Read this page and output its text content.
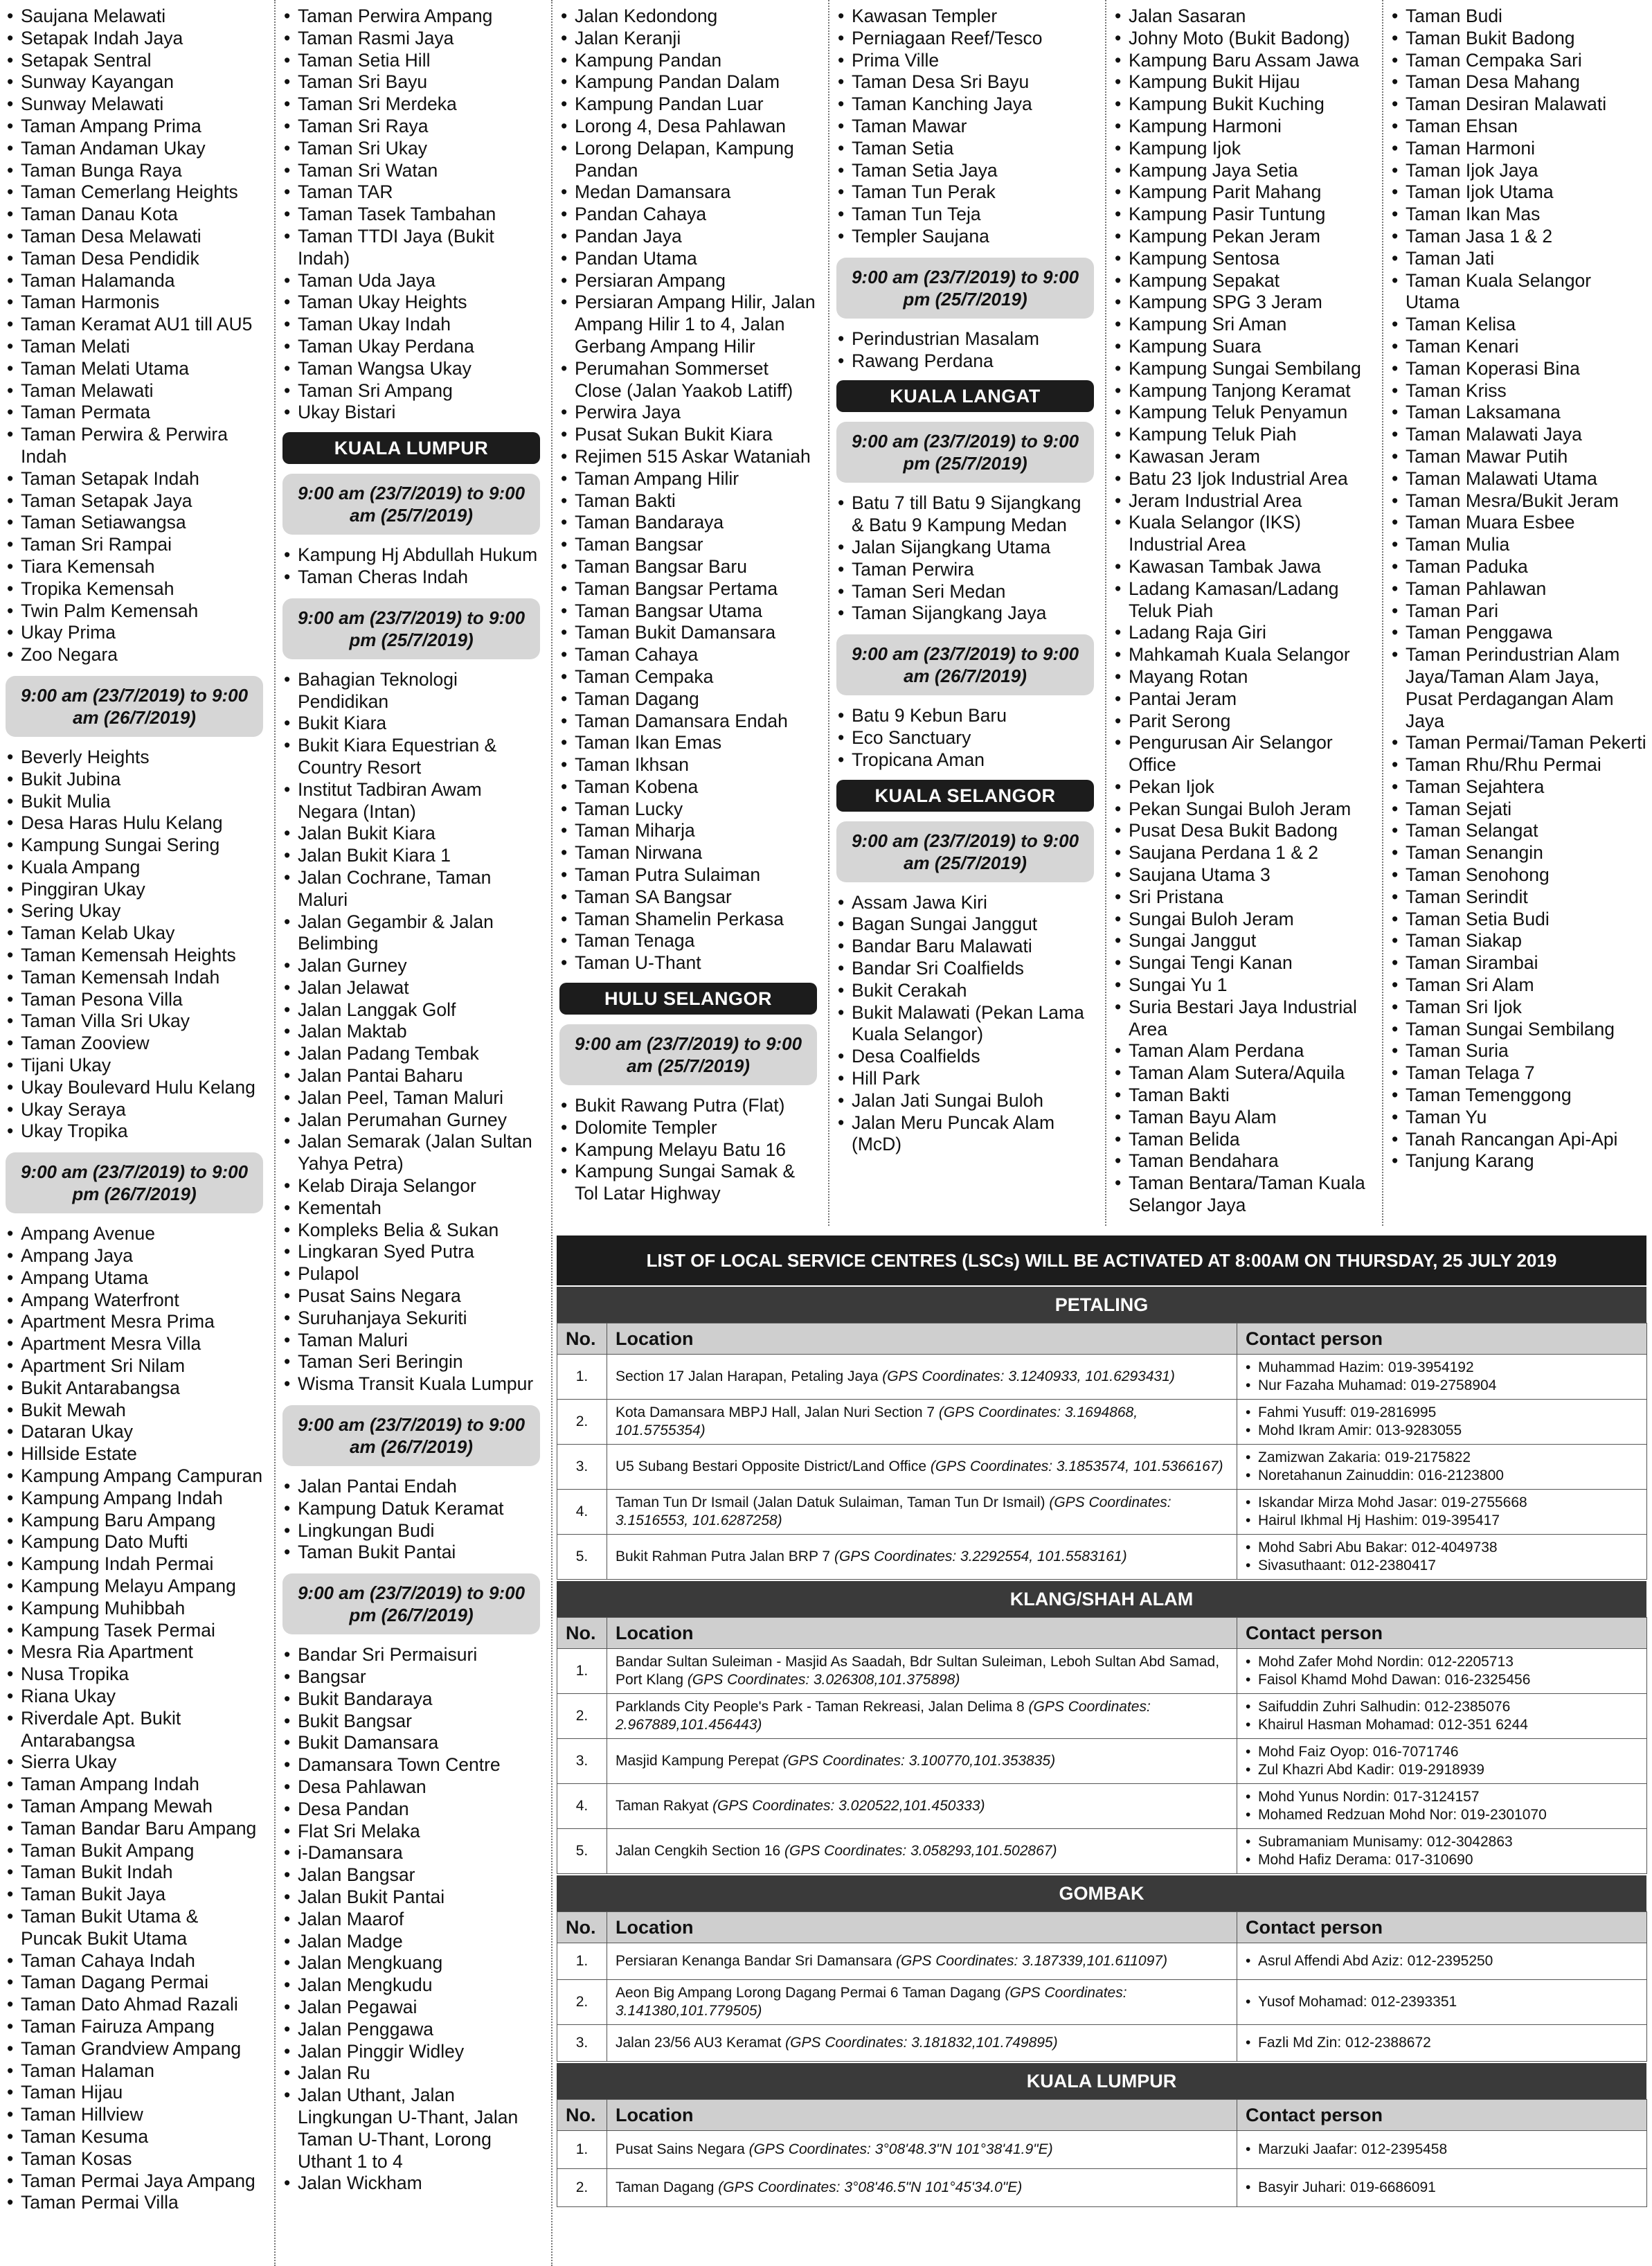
• Saujana Melawati
• Setapak Indah Jaya
• Setapak Sentral
• Sunway Kayangan
• Sunway Melawati
• Taman Ampang Prima
• Taman Andaman Ukay
• Taman Bunga Raya
• Taman Cemerlang Heights
• Taman Danau Kota
• Taman Desa Melawati
• Taman Desa Pendidik
• Taman Halamanda
• Taman Harmonis
• Taman Keramat AU1 till AU5
• Taman Melati
• Taman Melati Utama
• Taman Melawati
• Taman Permata
• Taman Perwira & Perwira Indah
• Taman Setapak Indah
• Taman Setapak Jaya
• Taman Setiawangsa
• Taman Sri Rampai
• Tiara Kemensah
• Tropika Kemensah
• Twin Palm Kemensah
• Ukay Prima
• Zoo Negara
9:00 am (23/7/2019) to 9:00 am (26/7/2019)
• Beverly Heights
• Bukit Jubina
• Bukit Mulia
• Desa Haras Hulu Kelang
• Kampung Sungai Sering
• Kuala Ampang
• Pinggiran Ukay
• Sering Ukay
• Taman Kelab Ukay
• Taman Kemensah Heights
• Taman Kemensah Indah
• Taman Pesona Villa
• Taman Villa Sri Ukay
• Taman Zooview
• Tijani Ukay
• Ukay Boulevard Hulu Kelang
• Ukay Seraya
• Ukay Tropika
9:00 am (23/7/2019) to 9:00 pm (26/7/2019)
• Ampang Avenue
• Ampang Jaya
• Ampang Utama
• Ampang Waterfront
• Apartment Mesra Prima
• Apartment Mesra Villa
• Apartment Sri Nilam
• Bukit Antarabangsa
• Bukit Mewah
• Dataran Ukay
• Hillside Estate
• Kampung Ampang Campuran
• Kampung Ampang Indah
• Kampung Baru Ampang
• Kampung Dato Mufti
• Kampung Indah Permai
• Kampung Melayu Ampang
• Kampung Muhibbah
• Kampung Tasek Permai
• Mesra Ria Apartment
• Nusa Tropika
• Riana Ukay
• Riverdale Apt. Bukit Antarabangsa
• Sierra Ukay
• Taman Ampang Indah
• Taman Ampang Mewah
• Taman Bandar Baru Ampang
• Taman Bukit Ampang
• Taman Bukit Indah
• Taman Bukit Jaya
• Taman Bukit Utama & Puncak Bukit Utama
• Taman Cahaya Indah
• Taman Dagang Permai
• Taman Dato Ahmad Razali
• Taman Fairuza Ampang
• Taman Grandview Ampang
• Taman Halaman
• Taman Hijau
• Taman Hillview
• Taman Kesuma
• Taman Kosas
• Taman Permai Jaya Ampang
• Taman Permai Villa
• Taman Perwira Ampang
• Taman Rasmi Jaya
• Taman Setia Hill
• Taman Sri Bayu
• Taman Sri Merdeka
• Taman Sri Raya
• Taman Sri Ukay
• Taman Sri Watan
• Taman TAR
• Taman Tasek Tambahan
• Taman TTDI Jaya (Bukit Indah)
• Taman Uda Jaya
• Taman Ukay Heights
• Taman Ukay Indah
• Taman Ukay Perdana
• Taman Wangsa Ukay
• Taman Sri Ampang
• Ukay Bistari
KUALA LUMPUR
9:00 am (23/7/2019) to 9:00 am (25/7/2019)
• Kampung Hj Abdullah Hukum
• Taman Cheras Indah
9:00 am (23/7/2019) to 9:00 pm (25/7/2019)
• Bahagian Teknologi Pendidikan
• Bukit Kiara
• Bukit Kiara Equestrian & Country Resort
• Institut Tadbiran Awam Negara (Intan)
• Jalan Bukit Kiara
• Jalan Bukit Kiara 1
• Jalan Cochrane, Taman Maluri
• Jalan Gegambir & Jalan Belimbing
• Jalan Gurney
• Jalan Jelawat
• Jalan Langgak Golf
• Jalan Maktab
• Jalan Padang Tembak
• Jalan Pantai Baharu
• Jalan Peel, Taman Maluri
• Jalan Perumahan Gurney
• Jalan Semarak (Jalan Sultan Yahya Petra)
• Kelab Diraja Selangor
• Kementah
• Kompleks Belia & Sukan
• Lingkaran Syed Putra
• Pulapol
• Pusat Sains Negara
• Suruhanjaya Sekuriti
• Taman Maluri
• Taman Seri Beringin
• Wisma Transit Kuala Lumpur
9:00 am (23/7/2019) to 9:00 am (26/7/2019)
• Jalan Pantai Endah
• Kampung Datuk Keramat
• Lingkungan Budi
• Taman Bukit Pantai
9:00 am (23/7/2019) to 9:00 pm (26/7/2019)
• Bandar Sri Permaisuri
• Bangsar
• Bukit Bandaraya
• Bukit Bangsar
• Bukit Damansara
• Damansara Town Centre
• Desa Pahlawan
• Desa Pandan
• Flat Sri Melaka
• i-Damansara
• Jalan Bangsar
• Jalan Bukit Pantai
• Jalan Maarof
• Jalan Madge
• Jalan Mengkuang
• Jalan Mengkudu
• Jalan Pegawai
• Jalan Penggawa
• Jalan Pinggir Widley
• Jalan Ru
• Jalan Uthant, Jalan Lingkungan U-Thant, Jalan Taman U-Thant, Lorong Uthant 1 to 4
• Jalan Wickham
• Jalan Kedondong
• Jalan Keranji
• Kampung Pandan
• Kampung Pandan Dalam
• Kampung Pandan Luar
• Lorong 4, Desa Pahlawan
• Lorong Delapan, Kampung Pandan
• Medan Damansara
• Pandan Cahaya
• Pandan Jaya
• Pandan Utama
• Persiaran Ampang
• Persiaran Ampang Hilir, Jalan Ampang Hilir 1 to 4, Jalan Gerbang Ampang Hilir
• Perumahan Sommerset Close (Jalan Yaakob Latiff)
• Perwira Jaya
• Pusat Sukan Bukit Kiara
• Rejimen 515 Askar Wataniah
• Taman Ampang Hilir
• Taman Bakti
• Taman Bandaraya
• Taman Bangsar
• Taman Bangsar Baru
• Taman Bangsar Pertama
• Taman Bangsar Utama
• Taman Bukit Damansara
• Taman Cahaya
• Taman Cempaka
• Taman Dagang
• Taman Damansara Endah
• Taman Ikan Emas
• Taman Ikhsan
• Taman Kobena
• Taman Lucky
• Taman Miharja
• Taman Nirwana
• Taman Putra Sulaiman
• Taman SA Bangsar
• Taman Shamelin Perkasa
• Taman Tenaga
• Taman U-Thant
HULU SELANGOR
9:00 am (23/7/2019) to 9:00 am (25/7/2019)
• Bukit Rawang Putra (Flat)
• Dolomite Templer
• Kampung Melayu Batu 16
• Kampung Sungai Samak & Tol Latar Highway
• Kawasan Templer
• Perniagaan Reef/Tesco
• Prima Ville
• Taman Desa Sri Bayu
• Taman Kanching Jaya
• Taman Mawar
• Taman Setia
• Taman Setia Jaya
• Taman Tun Perak
• Taman Tun Teja
• Templer Saujana
9:00 am (23/7/2019) to 9:00 pm (25/7/2019)
• Perindustrian Masalam
• Rawang Perdana
KUALA LANGAT
9:00 am (23/7/2019) to 9:00 pm (25/7/2019)
• Batu 7 till Batu 9 Sijangkang & Batu 9 Kampung Medan
• Jalan Sijangkang Utama
• Taman Perwira
• Taman Seri Medan
• Taman Sijangkang Jaya
9:00 am (23/7/2019) to 9:00 am (26/7/2019)
• Batu 9 Kebun Baru
• Eco Sanctuary
• Tropicana Aman
KUALA SELANGOR
9:00 am (23/7/2019) to 9:00 am (25/7/2019)
• Assam Jawa Kiri
• Bagan Sungai Janggut
• Bandar Baru Malawati
• Bandar Sri Coalfields
• Bukit Cerakah
• Bukit Malawati (Pekan Lama Kuala Selangor)
• Desa Coalfields
• Hill Park
• Jalan Jati Sungai Buloh
• Jalan Meru Puncak Alam (McD)
• Jalan Sasaran
• Johny Moto (Bukit Badong)
• Kampung Baru Assam Jawa
• Kampung Bukit Hijau
• Kampung Bukit Kuching
• Kampung Harmoni
• Kampung Ijok
• Kampung Jaya Setia
• Kampung Parit Mahang
• Kampung Pasir Tuntung
• Kampung Pekan Jeram
• Kampung Sentosa
• Kampung Sepakat
• Kampung SPG 3 Jeram
• Kampung Sri Aman
• Kampung Suara
• Kampung Sungai Sembilang
• Kampung Tanjong Keramat
• Kampung Teluk Penyamun
• Kampung Teluk Piah
• Kawasan Jeram
• Batu 23 Ijok Industrial Area
• Jeram Industrial Area
• Kuala Selangor (IKS) Industrial Area
• Kawasan Tambak Jawa
• Ladang Kamasan/Ladang Teluk Piah
• Ladang Raja Giri
• Mahkamah Kuala Selangor
• Mayang Rotan
• Pantai Jeram
• Parit Serong
• Pengurusan Air Selangor Office
• Pekan Ijok
• Pekan Sungai Buloh Jeram
• Pusat Desa Bukit Badong
• Saujana Perdana 1 & 2
• Saujana Utama 3
• Sri Pristana
• Sungai Buloh Jeram
• Sungai Janggut
• Sungai Tengi Kanan
• Sungai Yu 1
• Suria Bestari Jaya Industrial Area
• Taman Alam Perdana
• Taman Alam Sutera/Aquila
• Taman Bakti
• Taman Bayu Alam
• Taman Belida
• Taman Bendahara
• Taman Bentara/Taman Kuala Selangor Jaya
• Taman Budi
• Taman Bukit Badong
• Taman Cempaka Sari
• Taman Desa Mahang
• Taman Desiran Malawati
• Taman Ehsan
• Taman Harmoni
• Taman Ijok Jaya
• Taman Ijok Utama
• Taman Ikan Mas
• Taman Jasa 1 & 2
• Taman Jati
• Taman Kuala Selangor Utama
• Taman Kelisa
• Taman Kenari
• Taman Koperasi Bina
• Taman Kriss
• Taman Laksamana
• Taman Malawati Jaya
• Taman Mawar Putih
• Taman Malawati Utama
• Taman Mesra/Bukit Jeram
• Taman Muara Esbee
• Taman Mulia
• Taman Paduka
• Taman Pahlawan
• Taman Pari
• Taman Penggawa
• Taman Perindustrian Alam Jaya/Taman Alam Jaya, Pusat Perdagangan Alam Jaya
• Taman Permai/Taman Pekerti
• Taman Rhu/Rhu Permai
• Taman Sejahtera
• Taman Sejati
• Taman Selangat
• Taman Senangin
• Taman Senohong
• Taman Serindit
• Taman Setia Budi
• Taman Siakap
• Taman Sirambai
• Taman Sri Alam
• Taman Sri Ijok
• Taman Sungai Sembilang
• Taman Suria
• Taman Telaga 7
• Taman Temenggong
• Taman Yu
• Tanah Rancangan Api-Api
• Tanjung Karang
LIST OF LOCAL SERVICE CENTRES (LSCs) WILL BE ACTIVATED AT 8:00AM ON THURSDAY, 25 JULY 2019
PETALING
No.	Location	Contact person
1.	Section 17 Jalan Harapan, Petaling Jaya (GPS Coordinates: 3.1240933, 101.6293431)	• Muhammad Hazim: 019-3954192
• Nur Fazaha Muhamad: 019-2758904

2.	Kota Damansara MBPJ Hall, Jalan Nuri Section 7 (GPS Coordinates: 3.1694868, 101.5755354)	• Fahmi Yusuff: 019-2816995
• Mohd Ikram Amir: 013-9283055

3.	U5 Subang Bestari Opposite District/Land Office (GPS Coordinates: 3.1853574, 101.5366167)	• Zamizwan Zakaria: 019-2175822
• Noretahanun Zainuddin: 016-2123800

4.	Taman Tun Dr Ismail (Jalan Datuk Sulaiman, Taman Tun Dr Ismail) (GPS Coordinates: 3.1516553, 101.6287258)	• Iskandar Mirza Mohd Jasar: 019-2755668
• Hairul Ikhmal Hj Hashim: 019-395417

5.	Bukit Rahman Putra Jalan BRP 7 (GPS Coordinates: 3.2292554, 101.5583161)	• Mohd Sabri Abu Bakar: 012-4049738
• Sivasuthaant: 012-2380417
KLANG/SHAH ALAM
No.	Location	Contact person
1.	Bandar Sultan Suleiman - Masjid As Saadah, Bdr Sultan Suleiman, Leboh Sultan Abd Samad, Port Klang (GPS Coordinates: 3.026308,101.375898)	• Mohd Zafer Mohd Nordin: 012-2205713
• Faisol Khamd Mohd Dawan: 016-2325456

2.	Parklands City People's Park - Taman Rekreasi, Jalan Delima 8 (GPS Coordinates: 2.967889,101.456443)	• Saifuddin Zuhri Salhudin: 012-2385076
• Khairul Hasman Mohamad: 012-351 6244

3.	Masjid Kampung Perepat (GPS Coordinates: 3.100770,101.353835)	• Mohd Faiz Oyop: 016-7071746
• Zul Khazri Abd Kadir: 019-2918939

4.	Taman Rakyat (GPS Coordinates: 3.020522,101.450333)	• Mohd Yunus Nordin: 017-3124157
• Mohamed Redzuan Mohd Nor: 019-2301070

5.	Jalan Cengkih Section 16 (GPS Coordinates: 3.058293,101.502867)	• Subramaniam Munisamy: 012-3042863
• Mohd Hafiz Derama: 017-310690
GOMBAK
No.	Location	Contact person
1.	Persiaran Kenanga Bandar Sri Damansara (GPS Coordinates: 3.187339,101.611097)	• Asrul Affendi Abd Aziz: 012-2395250

2.	Aeon Big Ampang Lorong Dagang Permai 6 Taman Dagang (GPS Coordinates: 3.141380,101.779505)	• Yusof Mohamad: 012-2393351

3.	Jalan 23/56 AU3 Keramat (GPS Coordinates: 3.181832,101.749895)	• Fazli Md Zin: 012-2388672
KUALA LUMPUR
No.	Location	Contact person
1.	Pusat Sains Negara (GPS Coordinates: 3°08'48.3"N 101°38'41.9"E)	• Marzuki Jaafar: 012-2395458

2.	Taman Dagang (GPS Coordinates: 3°08'46.5"N 101°45'34.0"E)	• Basyir Juhari: 019-6686091
